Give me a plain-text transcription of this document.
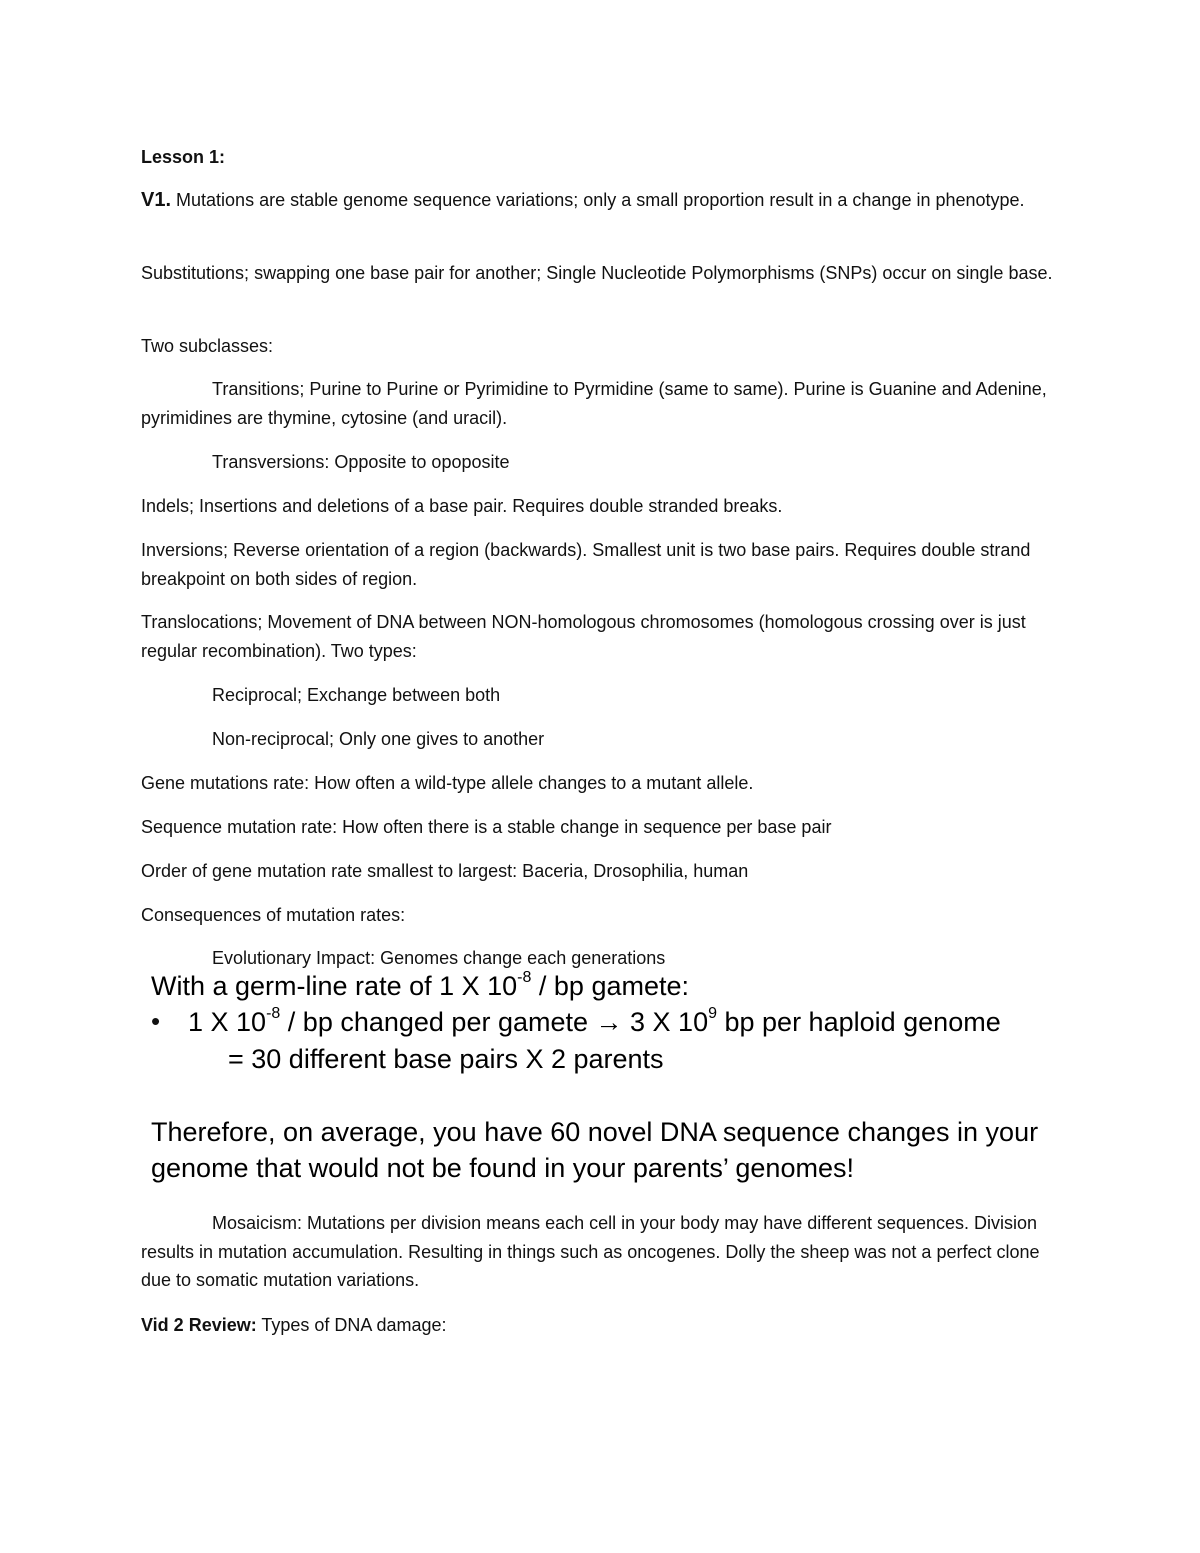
Lesson 1:

V1. Mutations are stable genome sequence variations; only a small proportion result in a change in phenotype.

Substitutions; swapping one base pair for another; Single Nucleotide Polymorphisms (SNPs) occur on single base.

Two subclasses:

Transitions; Purine to Purine or Pyrimidine to Pyrmidine (same to same). Purine is Guanine and Adenine, pyrimidines are thymine, cytosine (and uracil).

Transversions: Opposite to opoposite

Indels; Insertions and deletions of a base pair. Requires double stranded breaks.

Inversions; Reverse orientation of a region (backwards). Smallest unit is two base pairs. Requires double strand breakpoint on both sides of region.

Translocations; Movement of DNA between NON-homologous chromosomes (homologous crossing over is just regular recombination). Two types:

Reciprocal; Exchange between both

Non-reciprocal; Only one gives to another

Gene mutations rate: How often a wild-type allele changes to a mutant allele.

Sequence mutation rate: How often there is a stable change in sequence per base pair

Order of gene mutation rate smallest to largest: Baceria, Drosophilia, human

Consequences of mutation rates:

Evolutionary Impact: Genomes change each generations

With a germ-line rate of 1 X $10^{-8}$ / bp gamete:
• 1 X $10^{-8}$ / bp changed per gamete → 3 X $10^9$ bp per haploid genome
= 30 different base pairs X 2 parents
Therefore, on average, you have 60 novel DNA sequence changes in your
genome that would not be found in your parents’ genomes!

Mosaicism: Mutations per division means each cell in your body may have different sequences. Division results in mutation accumulation. Resulting in things such as oncogenes. Dolly the sheep was not a perfect clone due to somatic mutation variations.

Vid 2 Review: Types of DNA damage:
